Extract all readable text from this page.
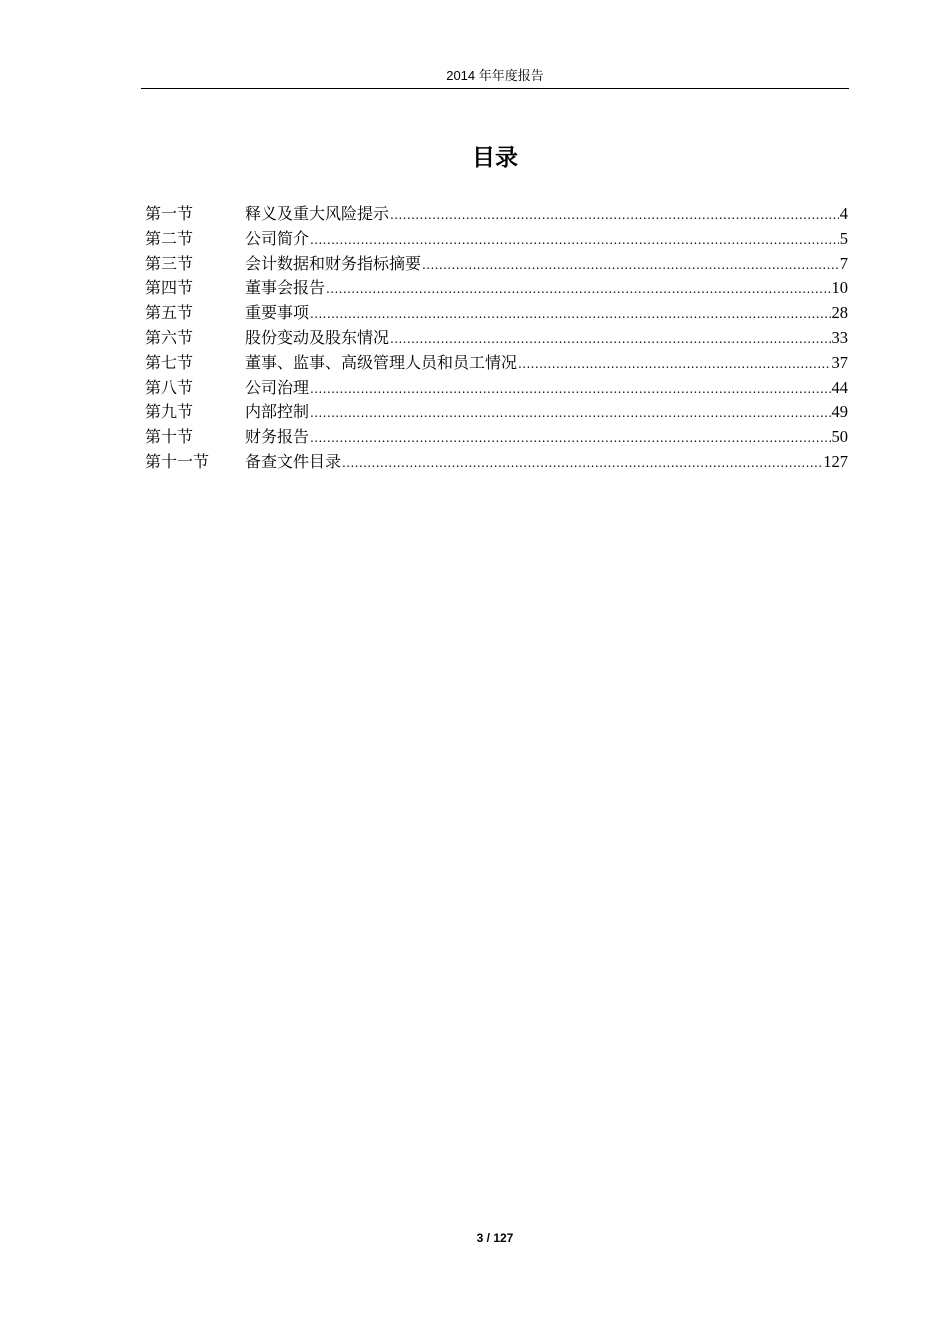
2014 年年度报告
目录
第一节	释义及重大风险提示 .....	4
第二节	公司简介 .....	5
第三节	会计数据和财务指标摘要 .....	7
第四节	董事会报告 .....	10
第五节	重要事项 .....	28
第六节	股份变动及股东情况 .....	33
第七节	董事、监事、高级管理人员和员工情况 .....	37
第八节	公司治理 .....	44
第九节	内部控制 .....	49
第十节	财务报告 .....	50
第十一节	备查文件目录 .....	127
3 / 127
